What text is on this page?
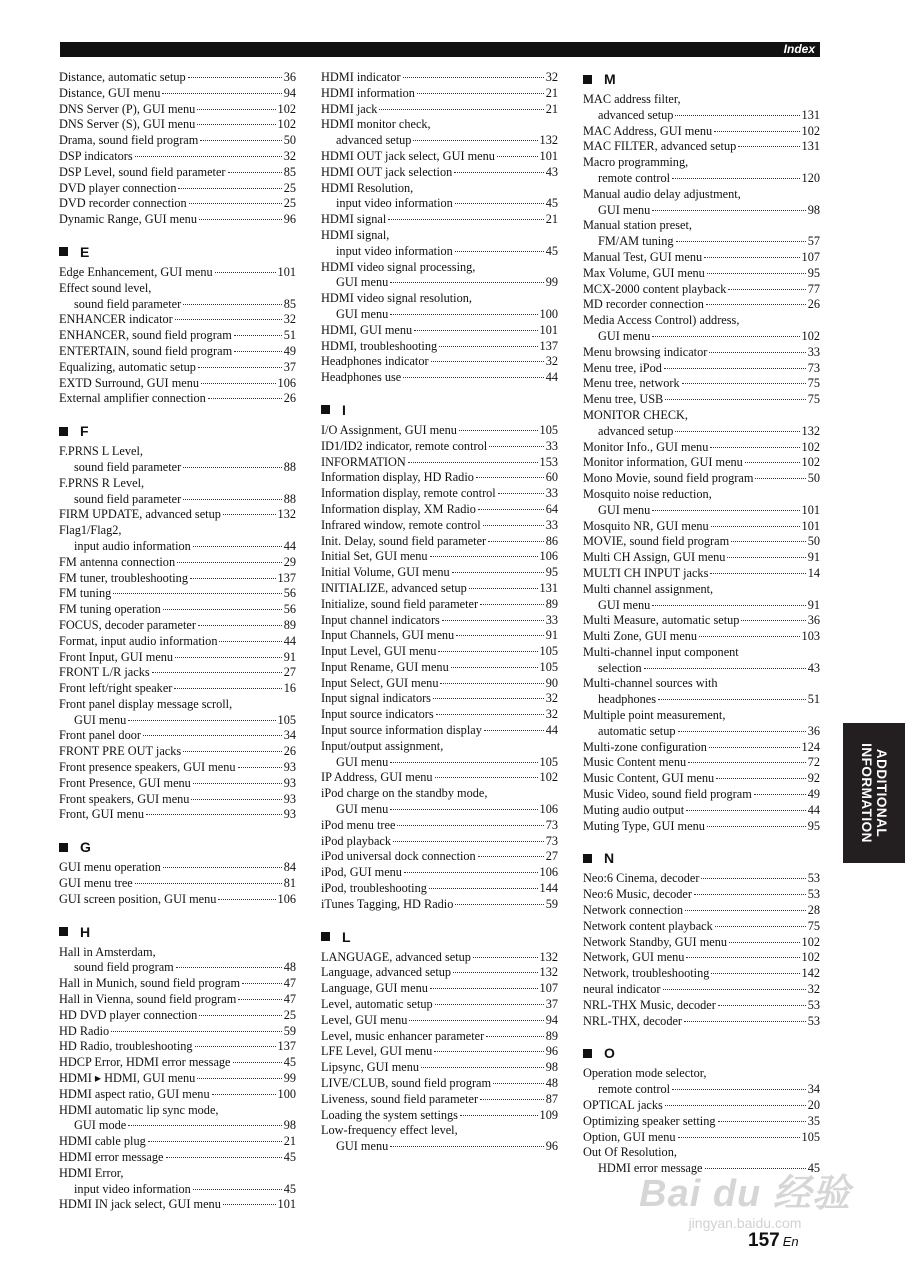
Index
Distance, automatic setup	36
Distance, GUI menu	94
DNS Server (P), GUI menu	102
DNS Server (S), GUI menu	102
Drama, sound field program	50
DSP indicators	32
DSP Level, sound field parameter	85
DVD player connection	25
DVD recorder connection	25
Dynamic Range, GUI menu	96
E
Edge Enhancement, GUI menu	101
Effect sound level,
sound field parameter	85
ENHANCER indicator	32
ENHANCER, sound field program	51
ENTERTAIN, sound field program	49
Equalizing, automatic setup	37
EXTD Surround, GUI menu	106
External amplifier connection	26
F
F.PRNS L Level,
sound field parameter	88
F.PRNS R Level,
sound field parameter	88
FIRM UPDATE, advanced setup	132
Flag1/Flag2,
input audio information	44
FM antenna connection	29
FM tuner, troubleshooting	137
FM tuning	56
FM tuning operation	56
FOCUS, decoder parameter	89
Format, input audio information	44
Front Input, GUI menu	91
FRONT L/R jacks	27
Front left/right speaker	16
Front panel display message scroll,
GUI menu	105
Front panel door	34
FRONT PRE OUT jacks	26
Front presence speakers, GUI menu	93
Front Presence, GUI menu	93
Front speakers, GUI menu	93
Front, GUI menu	93
G
GUI menu operation	84
GUI menu tree	81
GUI screen position, GUI menu	106
H
Hall in Amsterdam,
sound field program	48
Hall in Munich, sound field program	47
Hall in Vienna, sound field program	47
HD DVD player connection	25
HD Radio	59
HD Radio, troubleshooting	137
HDCP Error, HDMI error message	45
HDMI ▸ HDMI, GUI menu	99
HDMI aspect ratio, GUI menu	100
HDMI automatic lip sync mode,
GUI mode	98
HDMI cable plug	21
HDMI error message	45
HDMI Error,
input video information	45
HDMI IN jack select, GUI menu	101
HDMI indicator	32
HDMI information	21
HDMI jack	21
HDMI monitor check,
advanced setup	132
HDMI OUT jack select, GUI menu	101
HDMI OUT jack selection	43
HDMI Resolution,
input video information	45
HDMI signal	21
HDMI signal,
input video information	45
HDMI video signal processing,
GUI menu	99
HDMI video signal resolution,
GUI menu	100
HDMI, GUI menu	101
HDMI, troubleshooting	137
Headphones indicator	32
Headphones use	44
I
I/O Assignment, GUI menu	105
ID1/ID2 indicator, remote control	33
INFORMATION	153
Information display, HD Radio	60
Information display, remote control	33
Information display, XM Radio	64
Infrared window, remote control	33
Init. Delay, sound field parameter	86
Initial Set, GUI menu	106
Initial Volume, GUI menu	95
INITIALIZE, advanced setup	131
Initialize, sound field parameter	89
Input channel indicators	33
Input Channels, GUI menu	91
Input Level, GUI menu	105
Input Rename, GUI menu	105
Input Select, GUI menu	90
Input signal indicators	32
Input source indicators	32
Input source information display	44
Input/output assignment,
GUI menu	105
IP Address, GUI menu	102
iPod charge on the standby mode,
GUI menu	106
iPod menu tree	73
iPod playback	73
iPod universal dock connection	27
iPod, GUI menu	106
iPod, troubleshooting	144
iTunes Tagging, HD Radio	59
L
LANGUAGE, advanced setup	132
Language, advanced setup	132
Language, GUI menu	107
Level, automatic setup	37
Level, GUI menu	94
Level, music enhancer parameter	89
LFE Level, GUI menu	96
Lipsync, GUI menu	98
LIVE/CLUB, sound field program	48
Liveness, sound field parameter	87
Loading the system settings	109
Low-frequency effect level,
GUI menu	96
M
MAC address filter,
advanced setup	131
MAC Address, GUI menu	102
MAC FILTER, advanced setup	131
Macro programming,
remote control	120
Manual audio delay adjustment,
GUI menu	98
Manual station preset,
FM/AM tuning	57
Manual Test, GUI menu	107
Max Volume, GUI menu	95
MCX-2000 content playback	77
MD recorder connection	26
Media Access Control) address,
GUI menu	102
Menu browsing indicator	33
Menu tree, iPod	73
Menu tree, network	75
Menu tree, USB	75
MONITOR CHECK,
advanced setup	132
Monitor Info., GUI menu	102
Monitor information, GUI menu	102
Mono Movie, sound field program	50
Mosquito noise reduction,
GUI menu	101
Mosquito NR, GUI menu	101
MOVIE, sound field program	50
Multi CH Assign, GUI menu	91
MULTI CH INPUT jacks	14
Multi channel assignment,
GUI menu	91
Multi Measure, automatic setup	36
Multi Zone, GUI menu	103
Multi-channel input component
selection	43
Multi-channel sources with
headphones	51
Multiple point measurement,
automatic setup	36
Multi-zone configuration	124
Music Content menu	72
Music Content, GUI menu	92
Music Video, sound field program	49
Muting audio output	44
Muting Type, GUI menu	95
N
Neo:6 Cinema, decoder	53
Neo:6 Music, decoder	53
Network connection	28
Network content playback	75
Network Standby, GUI menu	102
Network, GUI menu	102
Network, troubleshooting	142
neural indicator	32
NRL-THX Music, decoder	53
NRL-THX, decoder	53
O
Operation mode selector,
remote control	34
OPTICAL jacks	20
Optimizing speaker setting	35
Option, GUI menu	105
Out Of Resolution,
HDMI error message	45
ADDITIONAL INFORMATION
Bai du 经验
jingyan.baidu.com
157 En
